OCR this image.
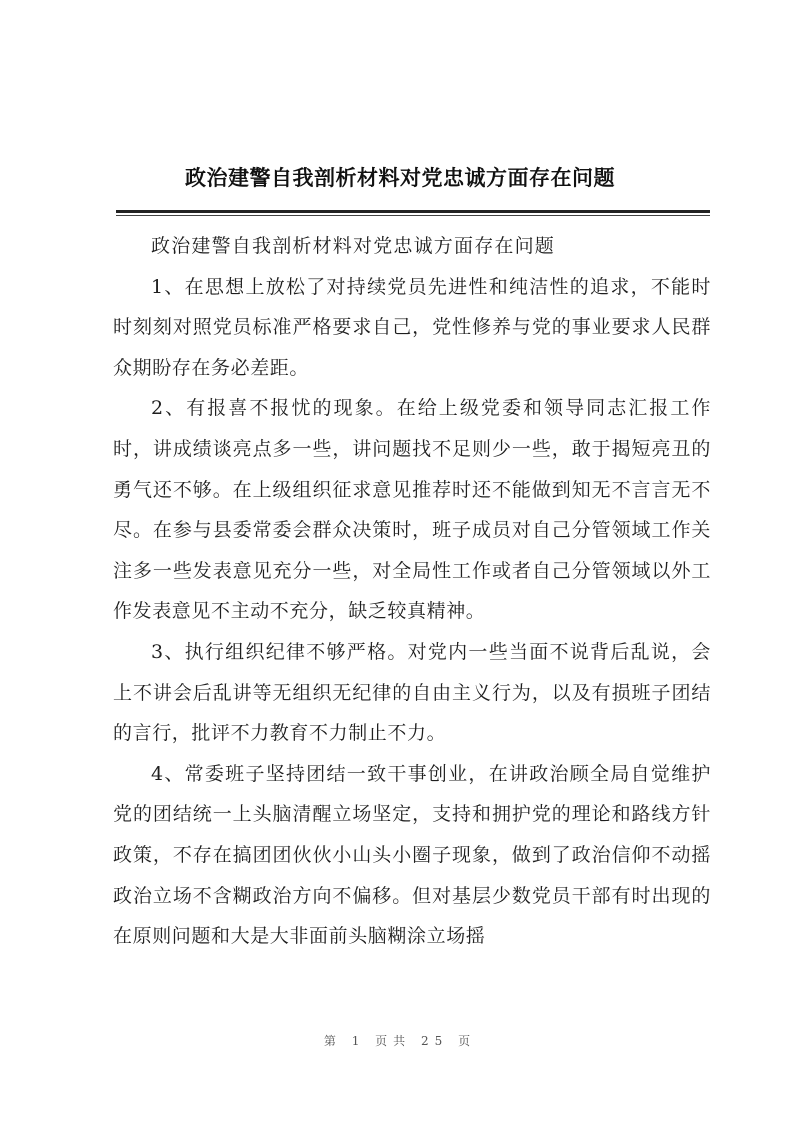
政治建警自我剖析材料对党忠诚方面存在问题

政治建警自我剖析材料对党忠诚方面存在问题

1、在思想上放松了对持续党员先进性和纯洁性的追求，不能时时刻刻对照党员标准严格要求自己，党性修养与党的事业要求人民群众期盼存在务必差距。

2、有报喜不报忧的现象。在给上级党委和领导同志汇报工作时，讲成绩谈亮点多一些，讲问题找不足则少一些，敢于揭短亮丑的勇气还不够。在上级组织征求意见推荐时还不能做到知无不言言无不尽。在参与县委常委会群众决策时，班子成员对自己分管领域工作关注多一些发表意见充分一些，对全局性工作或者自己分管领域以外工作发表意见不主动不充分，缺乏较真精神。

3、执行组织纪律不够严格。对党内一些当面不说背后乱说，会上不讲会后乱讲等无组织无纪律的自由主义行为，以及有损班子团结的言行，批评不力教育不力制止不力。

4、常委班子坚持团结一致干事创业，在讲政治顾全局自觉维护党的团结统一上头脑清醒立场坚定，支持和拥护党的理论和路线方针政策，不存在搞团团伙伙小山头小圈子现象，做到了政治信仰不动摇政治立场不含糊政治方向不偏移。但对基层少数党员干部有时出现的在原则问题和大是大非面前头脑糊涂立场摇

第 1 页共 25 页
